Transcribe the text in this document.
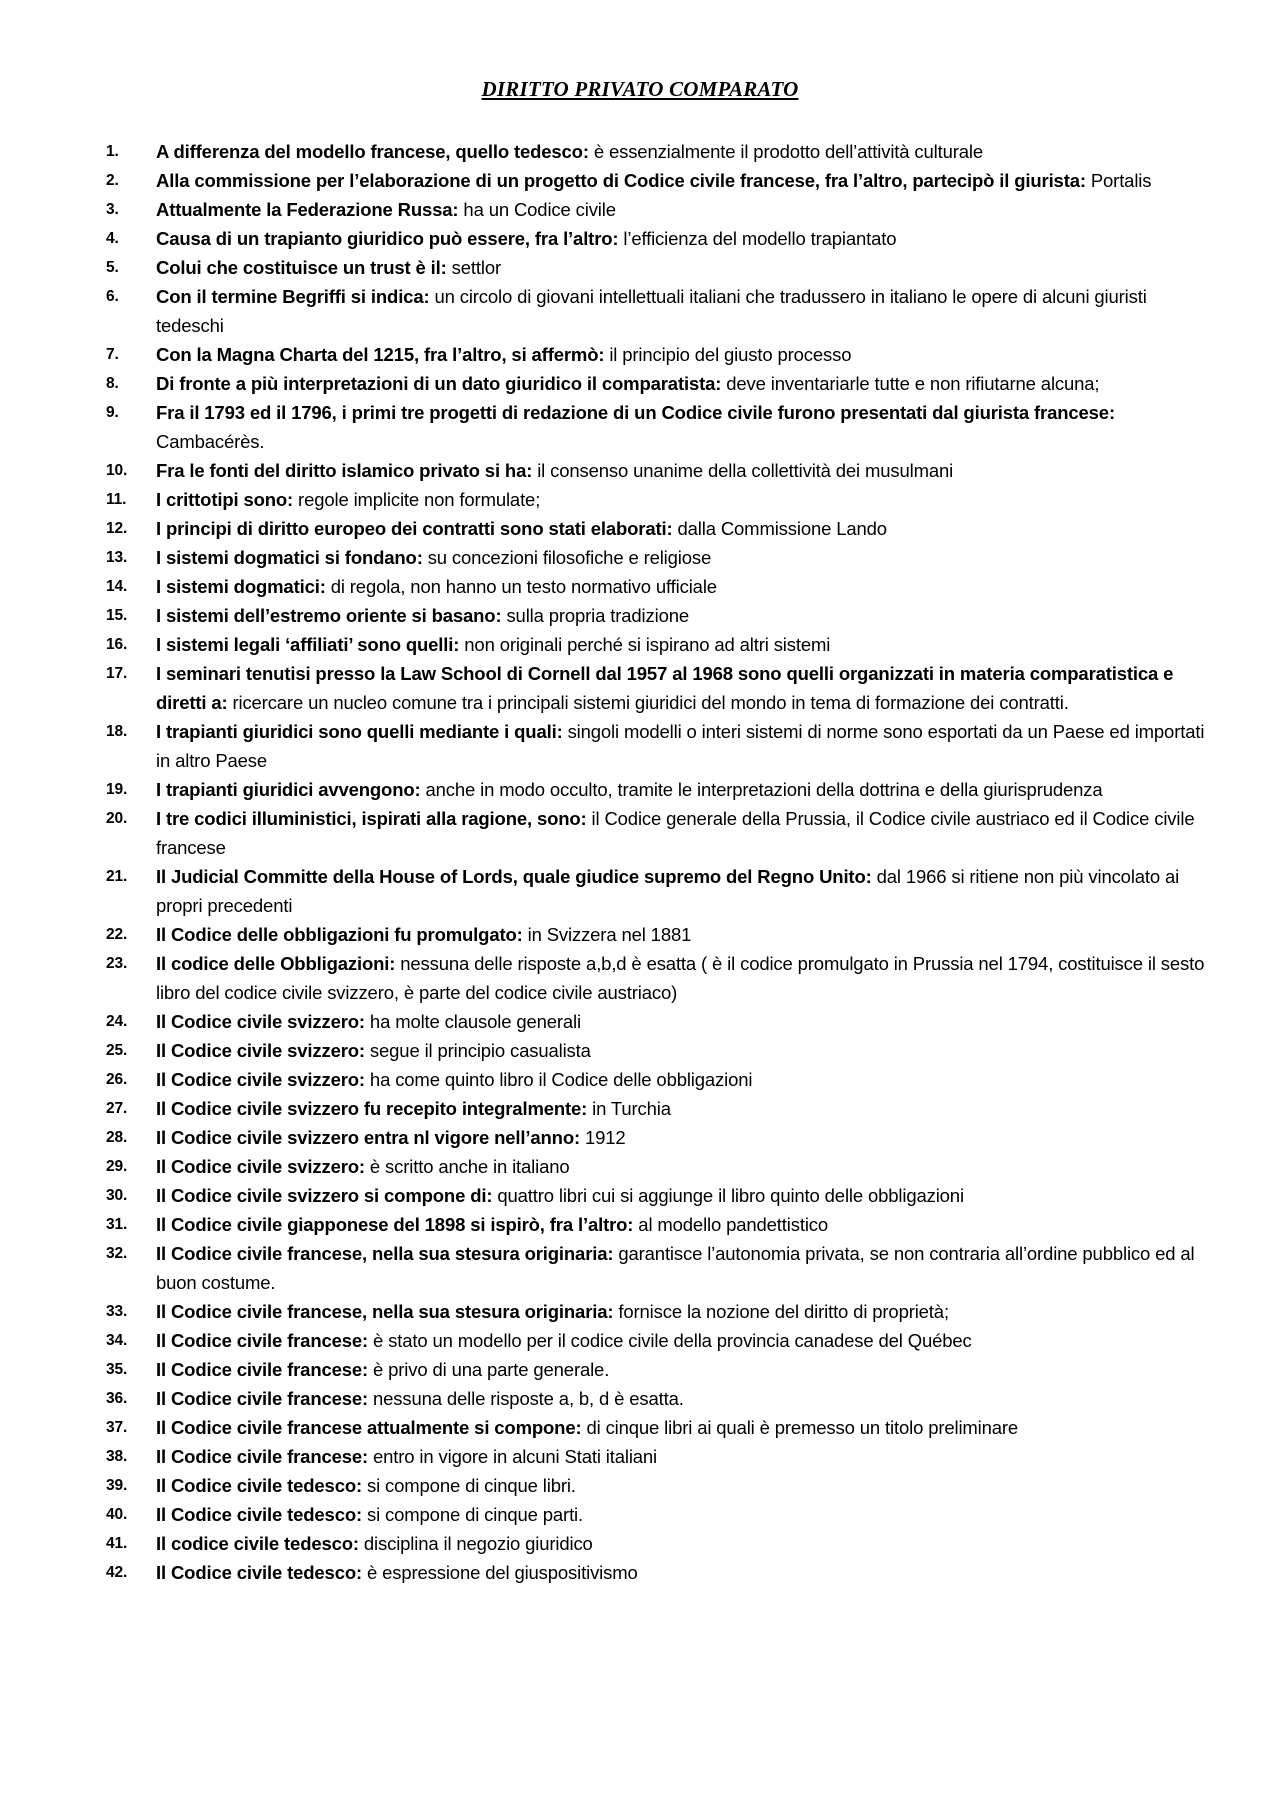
DIRITTO PRIVATO COMPARATO
1.	A differenza del modello francese, quello tedesco: è essenzialmente il prodotto dell’attività culturale
2.	Alla commissione per l’elaborazione di un progetto di Codice civile francese, fra l’altro, partecipò il giurista: Portalis
3.	Attualmente la Federazione Russa: ha un Codice civile
4.	Causa di un trapianto giuridico può essere, fra l’altro: l’efficienza del modello trapiantato
5.	Colui che costituisce un trust è il: settlor
6.	Con il termine Begriffi si indica: un circolo di giovani intellettuali italiani che tradussero in italiano le opere di alcuni giuristi tedeschi
7.	Con la Magna Charta del 1215, fra l’altro, si affermò: il principio del giusto processo
8.	Di fronte a più interpretazioni di un dato giuridico il comparatista: deve inventariarle tutte e non rifiutarne alcuna;
9.	Fra il 1793 ed il 1796, i primi tre progetti di redazione di un Codice civile furono presentati dal giurista francese: Cambacérès.
10.	Fra le fonti del diritto islamico privato si ha: il consenso unanime della collettività dei musulmani
11.	I crittotipi sono: regole implicite non formulate;
12.	I principi di diritto europeo dei contratti sono stati elaborati: dalla Commissione Lando
13.	I sistemi dogmatici si fondano: su concezioni filosofiche e religiose
14.	I sistemi dogmatici: di regola, non hanno un testo normativo ufficiale
15.	I sistemi dell’estremo oriente si basano: sulla propria tradizione
16.	I sistemi legali ‘affiliati’ sono quelli: non originali perché si ispirano ad altri sistemi
17.	I seminari tenutisi presso la Law School di Cornell dal 1957 al 1968 sono quelli organizzati in materia comparatistica e diretti a: ricercare un nucleo comune tra i principali sistemi giuridici del mondo in tema di formazione dei contratti.
18.	I trapianti giuridici sono quelli mediante i quali: singoli modelli o interi sistemi di norme sono esportati da un Paese ed importati in altro Paese
19.	I trapianti giuridici avvengono: anche in modo occulto, tramite le interpretazioni della dottrina e della giurisprudenza
20.	I tre codici illuministici, ispirati alla ragione, sono: il Codice generale della Prussia, il Codice civile austriaco ed il Codice civile francese
21.	Il Judicial Committe della House of Lords, quale giudice supremo del Regno Unito: dal 1966 si ritiene non più vincolato ai propri precedenti
22.	Il Codice delle obbligazioni fu promulgato: in Svizzera nel 1881
23.	Il codice delle Obbligazioni: nessuna delle risposte a,b,d è esatta ( è il codice promulgato in Prussia nel 1794, costituisce il sesto libro del codice civile svizzero, è parte del codice civile austriaco)
24.	Il Codice civile svizzero: ha molte clausole generali
25.	Il Codice civile svizzero: segue il principio casualista
26.	Il Codice civile svizzero: ha come quinto libro il Codice delle obbligazioni
27.	Il Codice civile svizzero fu recepito integralmente: in Turchia
28.	Il Codice civile svizzero entra nl vigore nell’anno: 1912
29.	Il Codice civile svizzero: è scritto anche in italiano
30.	Il Codice civile svizzero si compone di: quattro libri cui si aggiunge il libro quinto delle obbligazioni
31.	Il Codice civile giapponese del 1898 si ispirò, fra l’altro: al modello pandettistico
32.	Il Codice civile francese, nella sua stesura originaria: garantisce l’autonomia privata, se non contraria all’ordine pubblico ed al buon costume.
33.	Il Codice civile francese, nella sua stesura originaria: fornisce la nozione del diritto di proprietà;
34.	Il Codice civile francese: è stato un modello per il codice civile della provincia canadese del Québec
35.	Il Codice civile francese: è privo di una parte generale.
36.	Il Codice civile francese: nessuna delle risposte a, b, d è esatta.
37.	Il Codice civile francese attualmente si compone: di cinque libri ai quali è premesso un titolo preliminare
38.	Il Codice civile francese: entro in vigore in alcuni Stati italiani
39.	Il Codice civile tedesco: si compone di cinque libri.
40.	Il Codice civile tedesco: si compone di cinque parti.
41.	Il codice civile tedesco: disciplina il negozio giuridico
42.	Il Codice civile tedesco: è espressione del giuspositivismo
